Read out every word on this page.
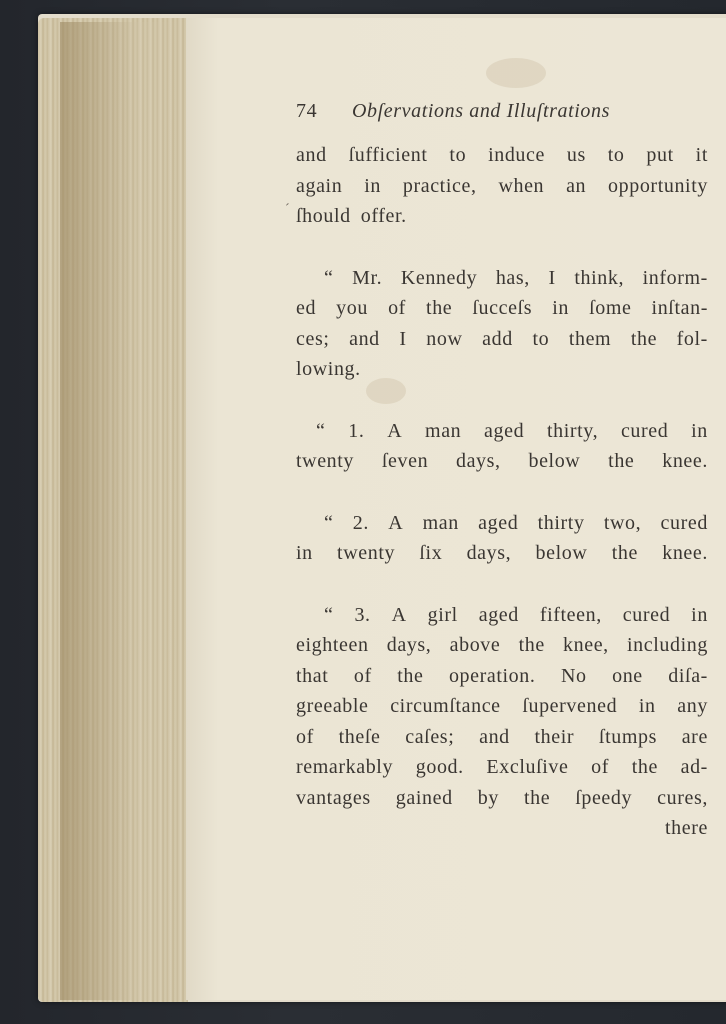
ˊ
74	Obſervations and Illuſtrations
and ſufficient to induce us to put it
again in practice, when an opportunity
ſhould offer.
“ Mr. Kennedy has, I think, inform-
ed you of the ſucceſs in ſome inſtan-
ces; and I now add to them the fol-
lowing.
“ 1. A man aged thirty, cured in
twenty ſeven days, below the knee.
“ 2. A man aged thirty two, cured
in twenty ſix days, below the knee.
“ 3. A girl aged fifteen, cured in
eighteen days, above the knee, including
that of the operation. No one diſa-
greeable circumſtance ſupervened in any
of theſe caſes; and their ſtumps are
remarkably good. Excluſive of the ad-
vantages gained by the ſpeedy cures,
there
